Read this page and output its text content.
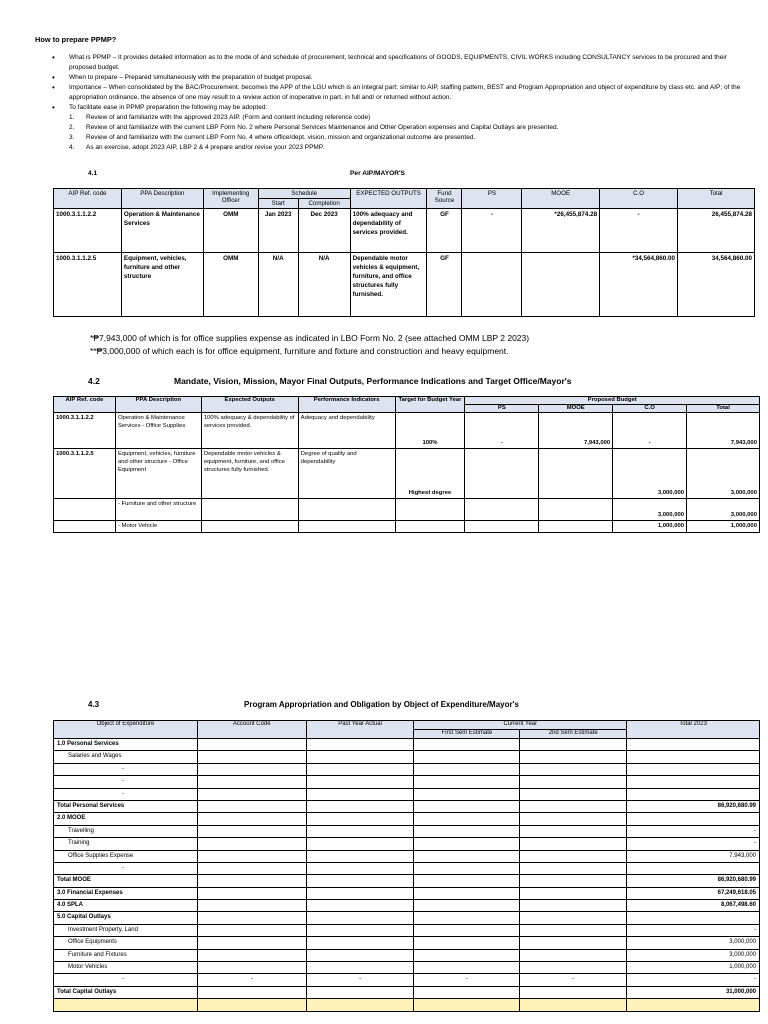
How to prepare PPMP?
• What is PPMP – It provides detailed information as to the mode of and schedule of procurement, technical and specifications of GOODS, EQUIPMENTS, CIVIL WORKS including CONSULTANCY services to be procured and their proposed budget.
• When to prepare – Prepared simultaneously with the preparation of budget proposal.
• Importance – When consolidated by the BAC/Procurement, becomes the APP of the LGU which is an integral part; similar to AIP, staffing pattern, BEST and Program Appropriation and object of expenditure by class etc. and AIP; of the appropriation ordinance, the absence of one may result to a review action of inoperative in part, in full and/ or returned without action.
• To facilitate ease in PPMP preparation the following may be adopted:
1. Review of and familiarize with the approved 2023 AIP. (Form and content including reference code)
2. Review of and familiarize with the current LBP Form No. 2 where Personal Services Maintenance and Other Operation expenses and Capital Outlays are presented.
3. Review of and familiarize with the current LBP Form No. 4 where office/dept. vision, mission and organizational outcome are presented.
4. As an exercise, adopt 2023 AIP, LBP 2 & 4 prepare and/or revise your 2023 PPMP.
4.1	Per AIP/MAYOR'S
AIP Ref. code	PPA Description	Implementing Officer	Schedule		EXPECTED OUTPUTS	Fund Source	PS	MOOE	C.O	Total
			Start	Completion						
1000.3.1.1.2.2	Operation & Maintenance Services	OMM	Jan 2023	Dec 2023	100% adequacy and dependability of services provided.	GF	-	*26,455,874.28	-	26,455,874.28
1000.3.1.1.2.5	Equipment, vehicles, furniture and other structure	OMM	N/A	N/A	Dependable motor vehicles & equipment, furniture, and office structures fully furnished.	GF			*34,564,860.00	34,564,860.00
*₱7,943,000 of which is for office supplies expense as indicated in LBO Form No. 2 (see attached OMM LBP 2 2023)
**₱3,000,000 of which each is for office equipment, furniture and fixture and construction and heavy equipment.
4.2	Mandate, Vision, Mission, Mayor Final Outputs, Performance Indications and Target Office/Mayor's
AIP Ref. code	PPA Description	Expected Outputs	Performance Indicators	Target for Budget Year	Proposed Budget			
					PS	MOOE	C.O	Total
1000.3.1.1.2.2	Operation & Maintenance Services - Office Supplies	100% adequacy & dependability of services provided.	Adequacy and dependability	100%	-	7,943,000	-	7,943,000
1000.3.1.1.2.5	Equipment, vehicles, furniture and other structure - Office Equipment	Dependable motor vehicles & equipment, furniture, and office structures fully furnished.	Degree of quality and dependability	Highest degree			3,000,000	3,000,000
	- Furniture and other structure						3,000,000	3,000,000
	- Motor Vehicle						1,000,000	1,000,000
4.3	Program Appropriation and Obligation by Object of Expenditure/Mayor's
Object of Expenditure	Account Code	Past Year Actual	Current Year		Total 2023
			First Sem Estimate	2nd Sem Estimate	
1.0 Personal Services					
Salaries and Wages					
-					
-					
-					
Total Personal Services					86,920,680.99
2.0 MOOE					
Travelling					-
Training					-
Office Supplies Expense					7,943,000
-					
Total MOOE					86,920,680.99
3.0 Financial Expenses					67,249,618.05
4.0 SPLA					8,067,498.60
5.0 Capital Outlays					
Investment Property, Land					-
Office Equipments					3,000,000
Furniture and Fixtures					3,000,000
Motor Vehicles					1,000,000
-	-	-	-	-	-
Total Capital Outlays					31,000,000
